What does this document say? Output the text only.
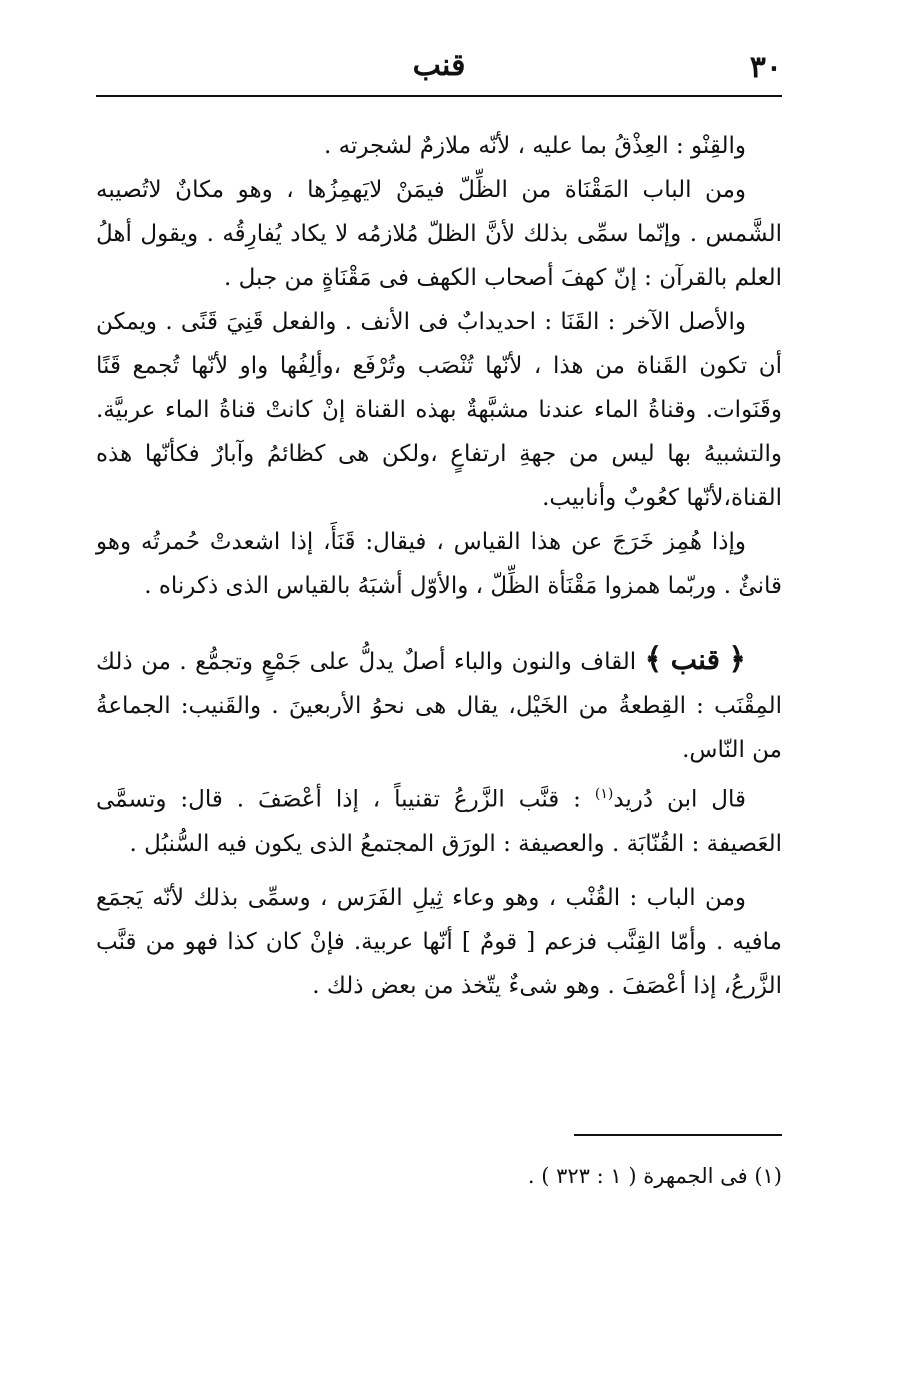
٣٠
قنب

والقِنْو : العِذْقُ بما عليه ، لأنّه ملازمٌ لشجرته .

ومن الباب المَقْنَاة من الظِّلّ فيمَنْ لايَهمِزُها ، وهو مكانٌ لاتُصيبه الشَّمس . وإنّما سمِّى بذلك لأنَّ الظلّ مُلازمُه لا يكاد يُفارِقُه . ويقول أهلُ العلم بالقرآن : إنّ كهفَ أصحاب الكهف فى مَقْنَاةٍ من جبل .

والأصل الآخر : القَنَا : احديدابٌ فى الأنف . والفعل قَنِيَ قَنًى . ويمكن أن تكون القَناة من هذا ، لأنّها تُنْصَب وتُرْفَع ،وألِفُها واو لأنّها تُجمع قَنًا وقَنَوات. وقناةُ الماء عندنا مشبَّهةٌ بهذه القناة إنْ كانتْ قناةُ الماء عربيَّة. والتشبيهُ بها ليس من جهةِ ارتفاعٍ ،ولكن هى كظائمُ وآبارٌ فكأنّها هذه القناة،لأنّها كعُوبٌ وأنابيب.

وإذا هُمِز خَرَجَ عن هذا القياس ، فيقال: قَنَأَ، إذا اشعدتْ حُمرتُه وهو قانئٌ . وربّما همزوا مَقْنَأة الظِّلّ ، والأوّل أشبَهُ بالقياس الذى ذكرناه .

﴿ قنب ﴾ القاف والنون والباء أصلٌ يدلُّ على جَمْعٍ وتجمُّع . من ذلك المِقْنَب : القِطعةُ من الخَيْل، يقال هى نحوُ الأربعينَ . والقَنيب: الجماعةُ من النّاس.

قال ابن دُريد$^{(١)}$ : قنَّب الزَّرعُ تقنيباً ، إذا أعْصَفَ . قال: وتسمَّى العَصيفة : القُنّابَة . والعصيفة : الورَق المجتمعُ الذى يكون فيه السُّنبُل .

ومن الباب : القُنْب ، وهو وعاء ثِيلِ الفَرَس ، وسمِّى بذلك لأنّه يَجمَع مافيه . وأمّا القِنَّب فزعم [ قومٌ ] أنّها عربية. فإنْ كان كذا فهو من قنَّب الزَّرعُ، إذا أعْصَفَ . وهو شىءٌ يتّخذ من بعض ذلك .

(١) فى الجمهرة ( ١ : ٣٢٣ ) .
